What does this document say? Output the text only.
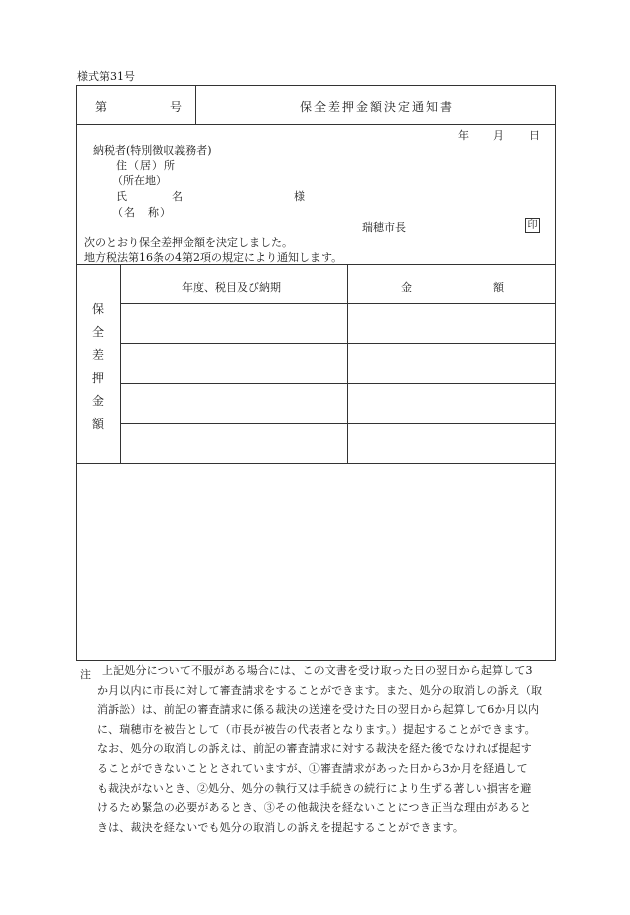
様式第31号
第	号	保全差押金額決定通知書
年 月 日
納税者(特別徴収義務者)
住（居）所
（所在地）
氏	名	様
（名　称）
瑞穂市長	印
次のとおり保全差押金額を決定しました。
地方税法第16条の4第2項の規定により通知します。
年度、税目及び納期	金	額
保
全
差
押
金
額
注	上記処分について不服がある場合には、この文書を受け取った日の翌日から起算して3
か月以内に市長に対して審査請求をすることができます。また、処分の取消しの訴え（取
消訴訟）は、前記の審査請求に係る裁決の送達を受けた日の翌日から起算して6か月以内
に、瑞穂市を被告として（市長が被告の代表者となります。）提起することができます。
なお、処分の取消しの訴えは、前記の審査請求に対する裁決を経た後でなければ提起す
ることができないこととされていますが、①審査請求があった日から3か月を経過して
も裁決がないとき、②処分、処分の執行又は手続きの続行により生ずる著しい損害を避
けるため緊急の必要があるとき、③その他裁決を経ないことにつき正当な理由があると
きは、裁決を経ないでも処分の取消しの訴えを提起することができます。
